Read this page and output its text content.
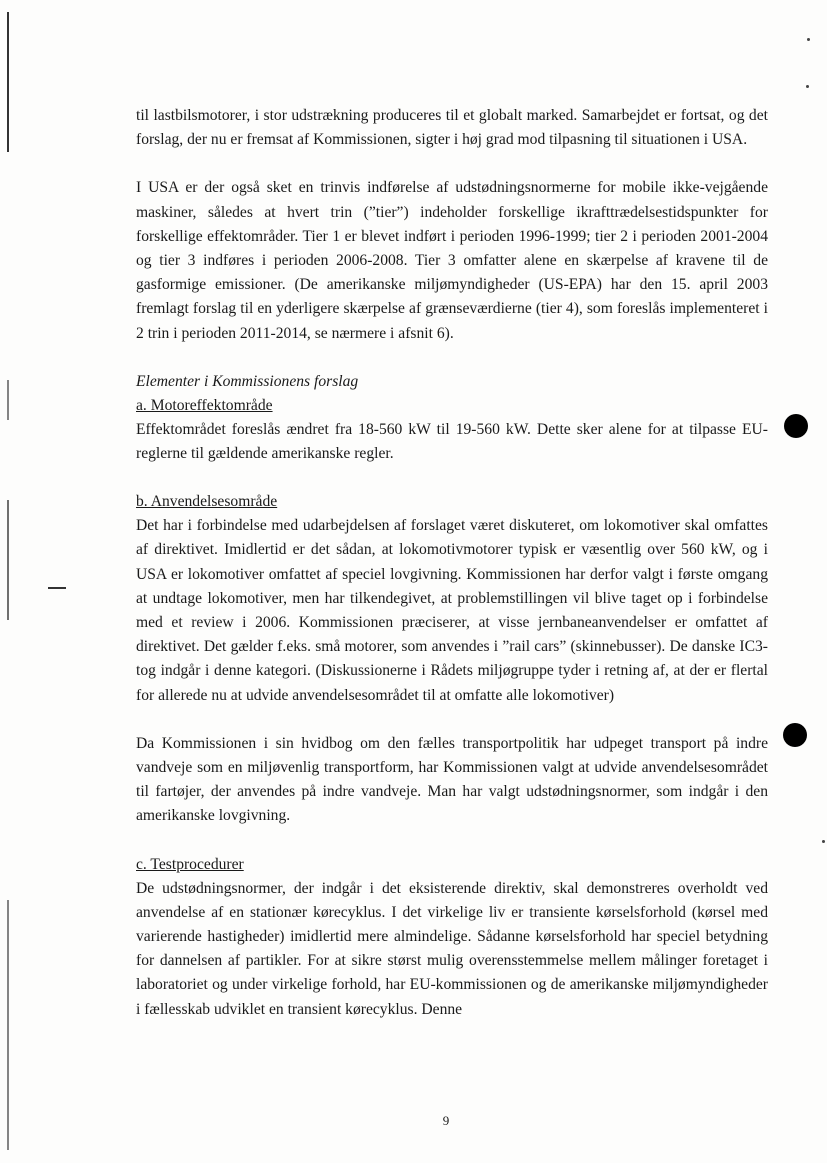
til lastbilsmotorer, i stor udstrækning produceres til et globalt marked. Samarbejdet er fortsat, og det forslag, der nu er fremsat af Kommissionen, sigter i høj grad mod tilpasning til situationen i USA.

I USA er der også sket en trinvis indførelse af udstødningsnormerne for mobile ikke-vejgående maskiner, således at hvert trin (”tier”) indeholder forskellige ikrafttrædelsestidspunkter for forskellige effektområder. Tier 1 er blevet indført i perioden 1996-1999; tier 2 i perioden 2001-2004 og tier 3 indføres i perioden 2006-2008. Tier 3 omfatter alene en skærpelse af kravene til de gasformige emissioner. (De amerikanske miljømyndigheder (US-EPA) har den 15. april 2003 fremlagt forslag til en yderligere skærpelse af grænseværdierne (tier 4), som foreslås implementeret i 2 trin i perioden 2011-2014, se nærmere i afsnit 6).

Elementer i Kommissionens forslag
a. Motoreffektområde

Effektområdet foreslås ændret fra 18-560 kW til 19-560 kW. Dette sker alene for at tilpasse EU-reglerne til gældende amerikanske regler.

b. Anvendelsesområde

Det har i forbindelse med udarbejdelsen af forslaget været diskuteret, om lokomotiver skal omfattes af direktivet. Imidlertid er det sådan, at lokomotivmotorer typisk er væsentlig over 560 kW, og i USA er lokomotiver omfattet af speciel lovgivning. Kommissionen har derfor valgt i første omgang at undtage lokomotiver, men har tilkendegivet, at problemstillingen vil blive taget op i forbindelse med et review i 2006. Kommissionen præciserer, at visse jernbaneanvendelser er omfattet af direktivet. Det gælder f.eks. små motorer, som anvendes i ”rail cars” (skinnebusser). De danske IC3-tog indgår i denne kategori. (Diskussionerne i Rådets miljøgruppe tyder i retning af, at der er flertal for allerede nu at udvide anvendelsesområdet til at omfatte alle lokomotiver)

Da Kommissionen i sin hvidbog om den fælles transportpolitik har udpeget transport på indre vandveje som en miljøvenlig transportform, har Kommissionen valgt at udvide anvendelsesområdet til fartøjer, der anvendes på indre vandveje. Man har valgt udstødningsnormer, som indgår i den amerikanske lovgivning.

c. Testprocedurer

De udstødningsnormer, der indgår i det eksisterende direktiv, skal demonstreres overholdt ved anvendelse af en stationær kørecyklus. I det virkelige liv er transiente kørselsforhold (kørsel med varierende hastigheder) imidlertid mere almindelige. Sådanne kørselsforhold har speciel betydning for dannelsen af partikler. For at sikre størst mulig overensstemmelse mellem målinger foretaget i laboratoriet og under virkelige forhold, har EU-kommissionen og de amerikanske miljømyndigheder i fællesskab udviklet en transient kørecyklus. Denne

9
